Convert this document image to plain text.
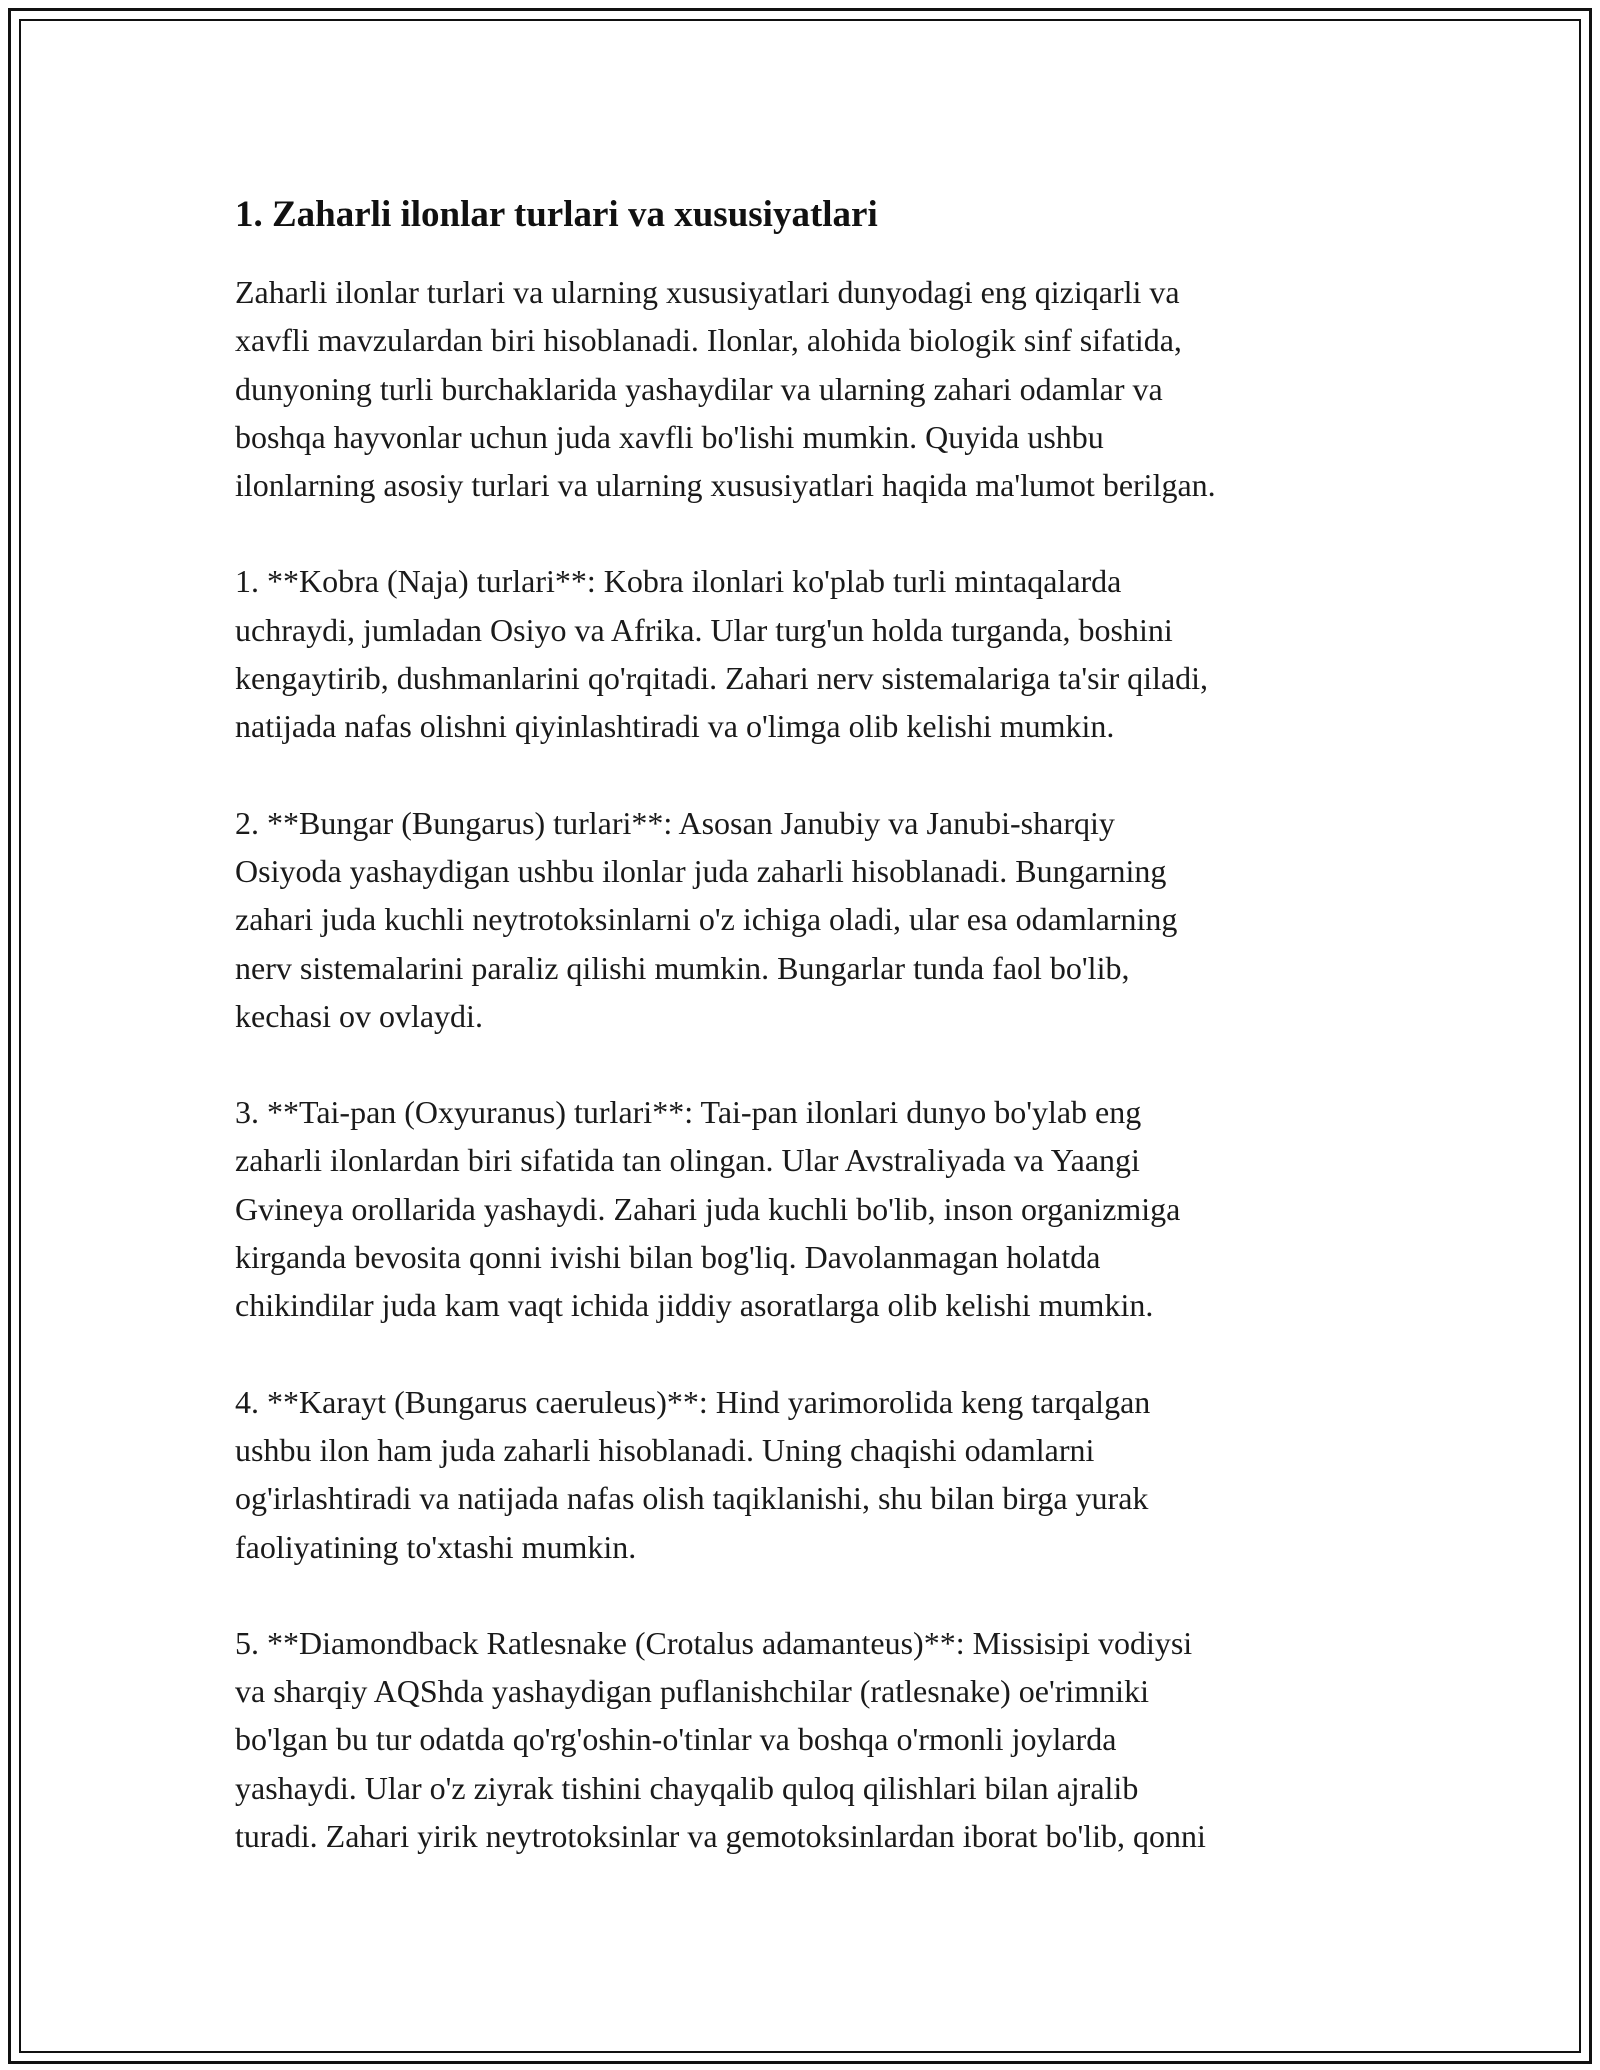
1. Zaharli ilonlar turlari va xususiyatlari

Zaharli ilonlar turlari va ularning xususiyatlari dunyodagi eng qiziqarli va
xavfli mavzulardan biri hisoblanadi. Ilonlar, alohida biologik sinf sifatida,
dunyoning turli burchaklarida yashaydilar va ularning zahari odamlar va
boshqa hayvonlar uchun juda xavfli bo'lishi mumkin. Quyida ushbu
ilonlarning asosiy turlari va ularning xususiyatlari haqida ma'lumot berilgan.

1. **Kobra (Naja) turlari**: Kobra ilonlari ko'plab turli mintaqalarda
uchraydi, jumladan Osiyo va Afrika. Ular turg'un holda turganda, boshini
kengaytirib, dushmanlarini qo'rqitadi. Zahari nerv sistemalariga ta'sir qiladi,
natijada nafas olishni qiyinlashtiradi va o'limga olib kelishi mumkin.

2. **Bungar (Bungarus) turlari**: Asosan Janubiy va Janubi-sharqiy
Osiyoda yashaydigan ushbu ilonlar juda zaharli hisoblanadi. Bungarning
zahari juda kuchli neytrotoksinlarni o'z ichiga oladi, ular esa odamlarning
nerv sistemalarini paraliz qilishi mumkin. Bungarlar tunda faol bo'lib,
kechasi ov ovlaydi.

3. **Tai-pan (Oxyuranus) turlari**: Tai-pan ilonlari dunyo bo'ylab eng
zaharli ilonlardan biri sifatida tan olingan. Ular Avstraliyada va Yaangi
Gvineya orollarida yashaydi. Zahari juda kuchli bo'lib, inson organizmiga
kirganda bevosita qonni ivishi bilan bog'liq. Davolanmagan holatda
chikindilar juda kam vaqt ichida jiddiy asoratlarga olib kelishi mumkin.

4. **Karayt (Bungarus caeruleus)**: Hind yarimorolida keng tarqalgan
ushbu ilon ham juda zaharli hisoblanadi. Uning chaqishi odamlarni
og'irlashtiradi va natijada nafas olish taqiklanishi, shu bilan birga yurak
faoliyatining to'xtashi mumkin.

5. **Diamondback Ratlesnake (Crotalus adamanteus)**: Missisipi vodiysi
va sharqiy AQShda yashaydigan puflanishchilar (ratlesnake) oe'rimniki
bo'lgan bu tur odatda qo'rg'oshin-o'tinlar va boshqa o'rmonli joylarda
yashaydi. Ular o'z ziyrak tishini chayqalib quloq qilishlari bilan ajralib
turadi. Zahari yirik neytrotoksinlar va gemotoksinlardan iborat bo'lib, qonni
